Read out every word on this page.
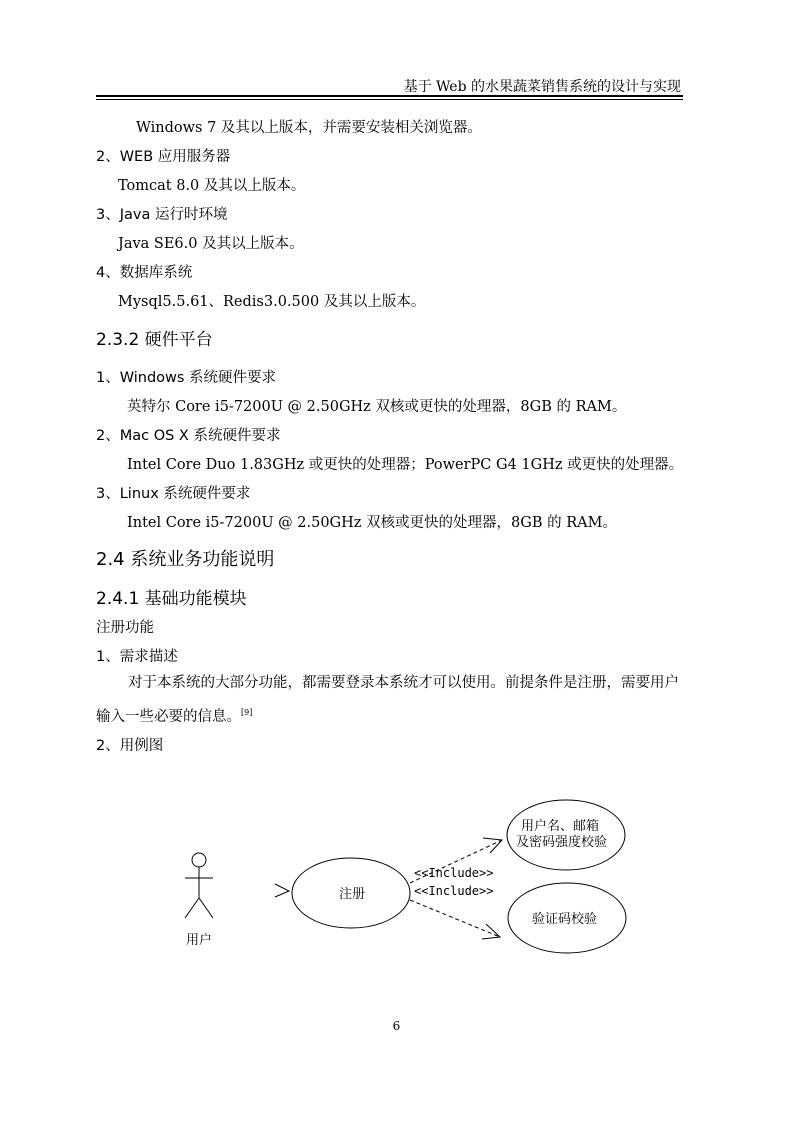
基于 Web 的水果蔬菜销售系统的设计与实现
Windows 7 及其以上版本，并需要安装相关浏览器。
2、WEB 应用服务器
Tomcat 8.0 及其以上版本。
3、Java 运行时环境
Java SE6.0 及其以上版本。
4、数据库系统
Mysql5.5.61、Redis3.0.500 及其以上版本。
2.3.2 硬件平台
1、Windows 系统硬件要求
英特尔 Core i5-7200U @ 2.50GHz 双核或更快的处理器，8GB 的 RAM。
2、Mac OS X 系统硬件要求
Intel Core Duo 1.83GHz 或更快的处理器；PowerPC G4 1GHz 或更快的处理器。
3、Linux 系统硬件要求
Intel Core i5-7200U @ 2.50GHz 双核或更快的处理器，8GB 的 RAM。
2.4 系统业务功能说明
2.4.1 基础功能模块
注册功能
1、需求描述
对于本系统的大部分功能，都需要登录本系统才可以使用。前提条件是注册，需要用户输入一些必要的信息。[9]
2、用例图
用户
注册
用户名、邮箱
及密码强度校验
验证码校验
<<Include>>
<<Include>>
6
